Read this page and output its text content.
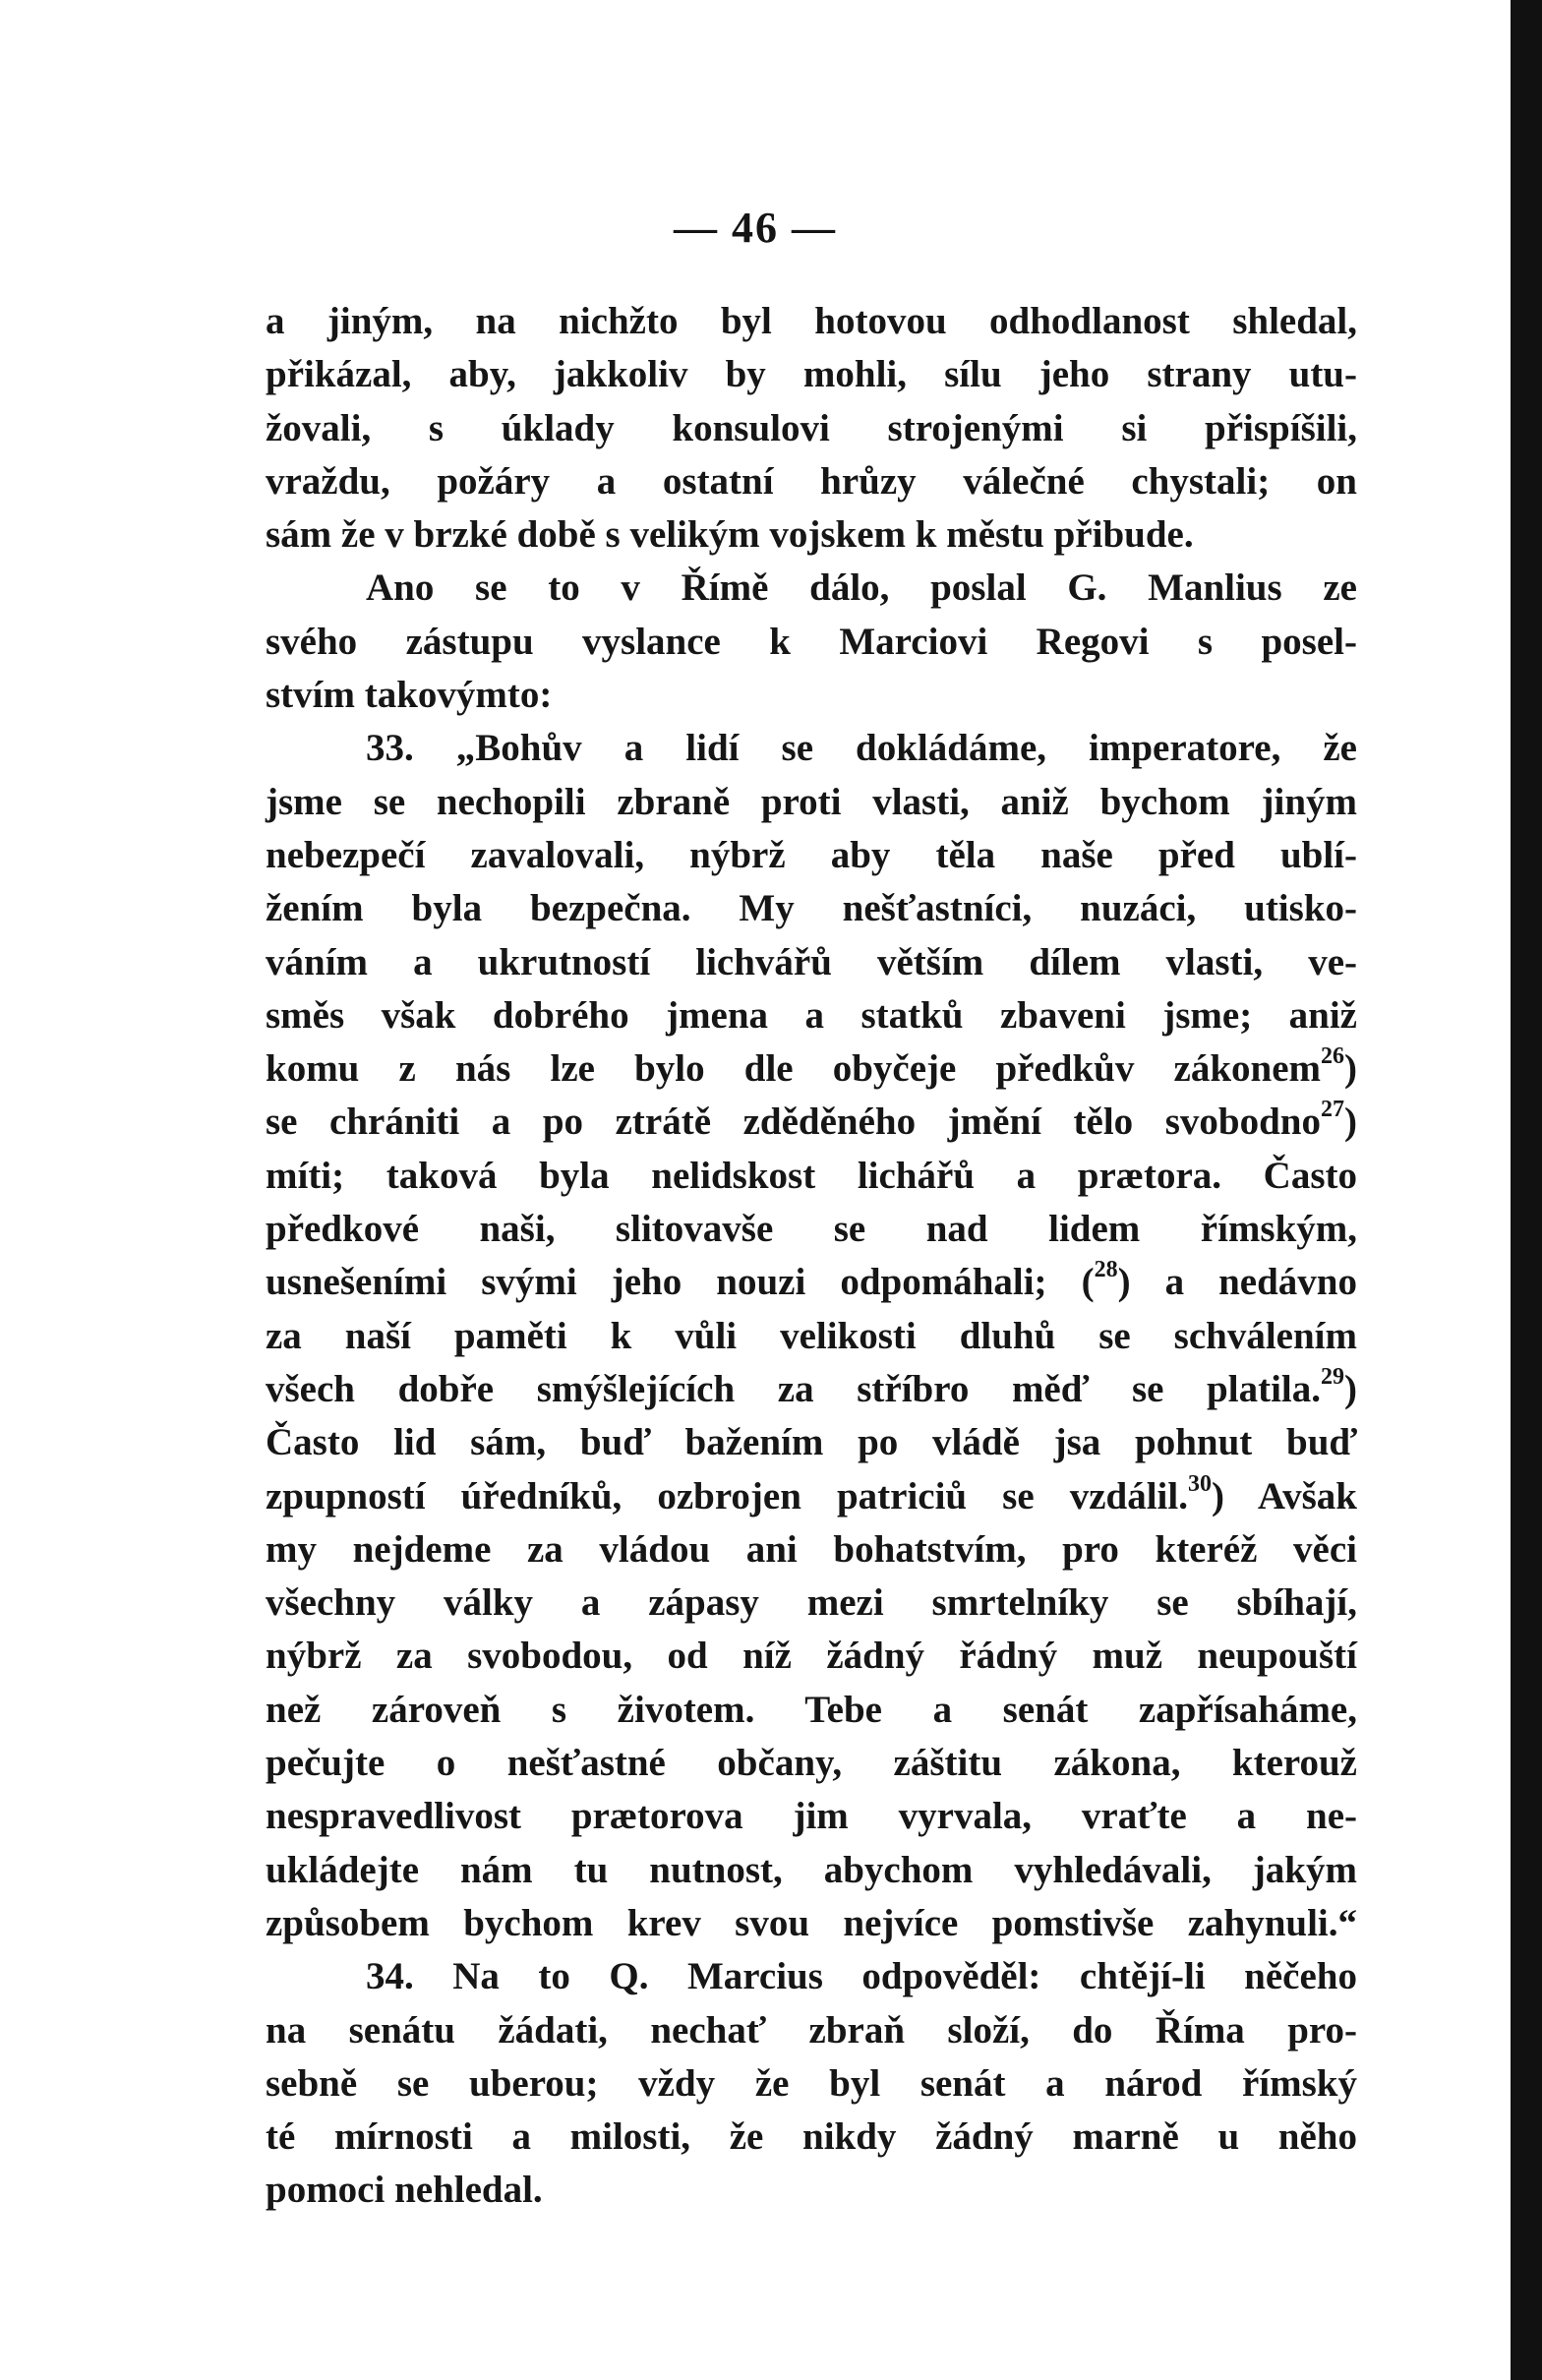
— 46 —

a jiným, na nichžto byl hotovou odhodlanost shledal,
přikázal, aby, jakkoliv by mohli, sílu jeho strany utu-
žovali, s úklady konsulovi strojenými si přispíšili,
vraždu, požáry a ostatní hrůzy válečné chystali; on
sám že v brzké době s velikým vojskem k městu přibude.

Ano se to v Římě dálo, poslal G. Manlius ze
svého zástupu vyslance k Marciovi Regovi s posel-
stvím takovýmto:

33. „Bohův a lidí se dokládáme, imperatore, že
jsme se nechopili zbraně proti vlasti, aniž bychom jiným
nebezpečí zavalovali, nýbrž aby těla naše před ublí-
žením byla bezpečna. My nešťastníci, nuzáci, utisko-
váním a ukrutností lichvářů větším dílem vlasti, ve-
směs však dobrého jmena a statků zbaveni jsme; aniž
komu z nás lze bylo dle obyčeje předkův zákonem$^{26}$)
se chrániti a po ztrátě zděděného jmění tělo svobodno$^{27}$)
míti; taková byla nelidskost lichářů a prætora. Často
předkové naši, slitovavše se nad lidem římským,
usnešeními svými jeho nouzi odpomáhali; ($^{28}$) a nedávno
za naší paměti k vůli velikosti dluhů se schválením
všech dobře smýšlejících za stříbro měď se platila.$^{29}$)
Často lid sám, buď bažením po vládě jsa pohnut buď
zpupností úředníků, ozbrojen patriciů se vzdálil.$^{30}$) Avšak
my nejdeme za vládou ani bohatstvím, pro kteréž věci
všechny války a zápasy mezi smrtelníky se sbíhají,
nýbrž za svobodou, od níž žádný řádný muž neupouští
než zároveň s životem. Tebe a senát zapřísaháme,
pečujte o nešťastné občany, záštitu zákona, kterouž
nespravedlivost prætorova jim vyrvala, vraťte a ne-
ukládejte nám tu nutnost, abychom vyhledávali, jakým
způsobem bychom krev svou nejvíce pomstivše zahynuli.“

34. Na to Q. Marcius odpověděl: chtějí-li něčeho
na senátu žádati, nechať zbraň složí, do Říma pro-
sebně se uberou; vždy že byl senát a národ římský
té mírnosti a milosti, že nikdy žádný marně u něho
pomoci nehledal.
